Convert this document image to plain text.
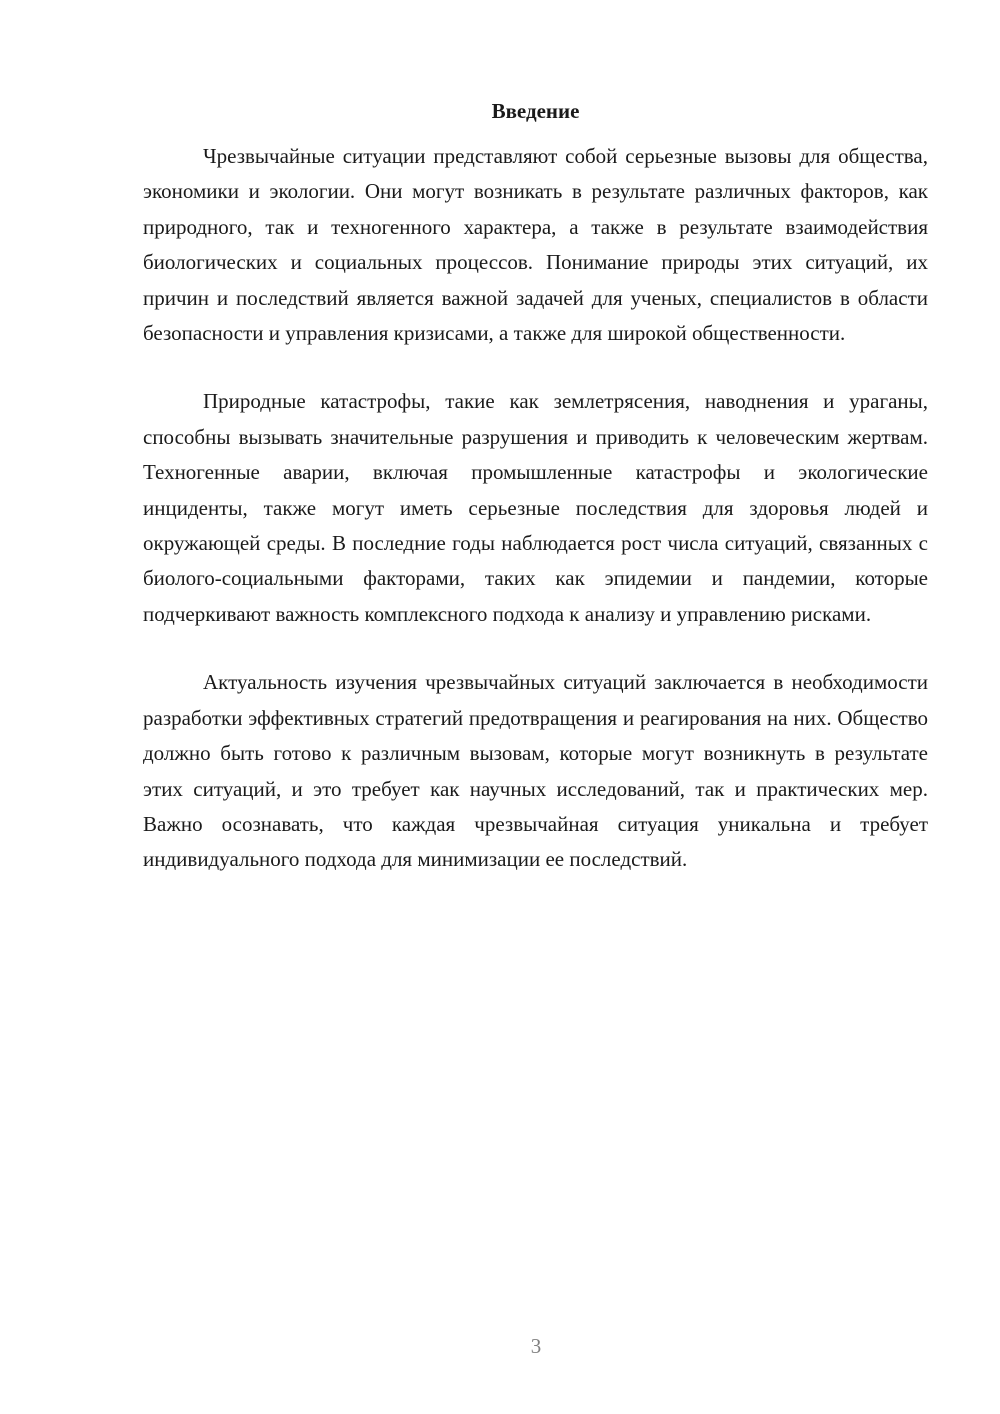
Введение

Чрезвычайные ситуации представляют собой серьезные вызовы для общества, экономики и экологии. Они могут возникать в результате различных факторов, как природного, так и техногенного характера, а также в результате взаимодействия биологических и социальных процессов. Понимание природы этих ситуаций, их причин и последствий является важной задачей для ученых, специалистов в области безопасности и управления кризисами, а также для широкой общественности.

Природные катастрофы, такие как землетрясения, наводнения и ураганы, способны вызывать значительные разрушения и приводить к человеческим жертвам. Техногенные аварии, включая промышленные катастрофы и экологические инциденты, также могут иметь серьезные последствия для здоровья людей и окружающей среды. В последние годы наблюдается рост числа ситуаций, связанных с биолого-социальными факторами, таких как эпидемии и пандемии, которые подчеркивают важность комплексного подхода к анализу и управлению рисками.

Актуальность изучения чрезвычайных ситуаций заключается в необходимости разработки эффективных стратегий предотвращения и реагирования на них. Общество должно быть готово к различным вызовам, которые могут возникнуть в результате этих ситуаций, и это требует как научных исследований, так и практических мер. Важно осознавать, что каждая чрезвычайная ситуация уникальна и требует индивидуального подхода для минимизации ее последствий.

3
